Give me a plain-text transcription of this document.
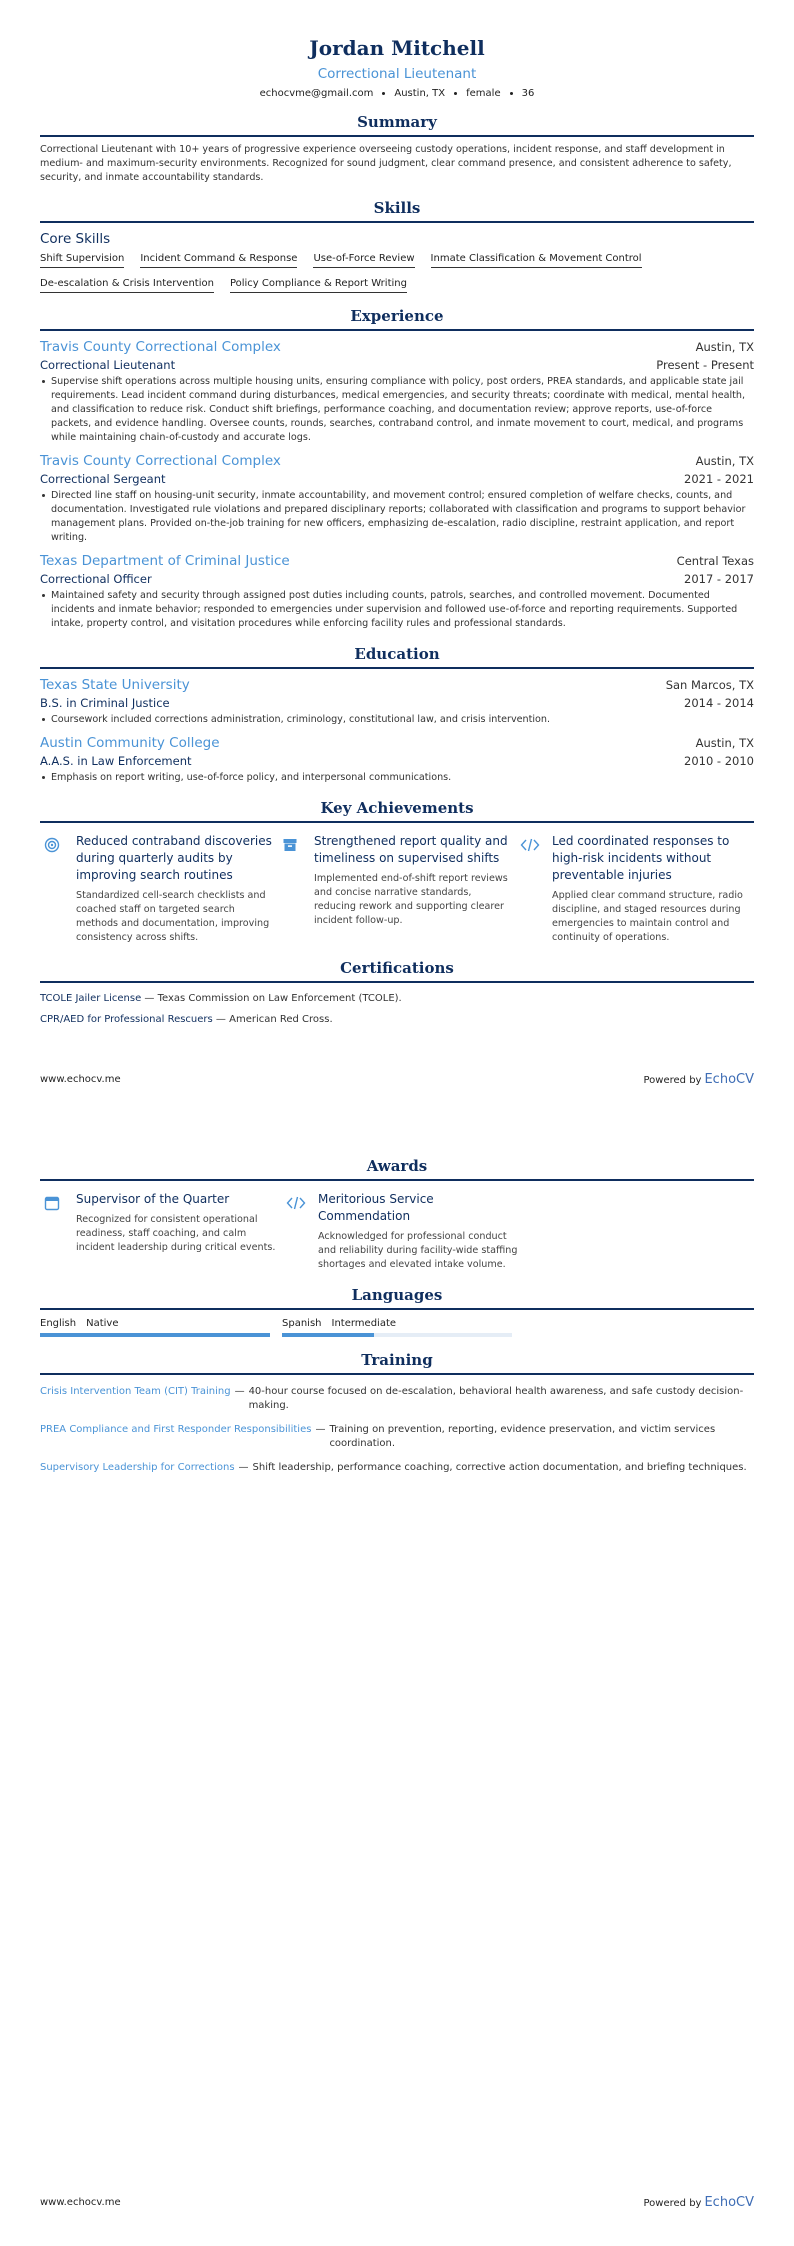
Jordan Mitchell
Correctional Lieutenant
echocvme@gmail.com Austin, TX female 36
Summary
Correctional Lieutenant with 10+ years of progressive experience overseeing custody operations, incident response, and staff development in medium- and maximum-security environments. Recognized for sound judgment, clear command presence, and consistent adherence to safety, security, and inmate accountability standards.
Skills
Core Skills
Shift Supervision Incident Command & Response Use-of-Force Review Inmate Classification & Movement Control
De-escalation & Crisis Intervention Policy Compliance & Report Writing
Experience
Travis County Correctional Complex	Austin, TX
Correctional Lieutenant	Present - Present
Supervise shift operations across multiple housing units, ensuring compliance with policy, post orders, PREA standards, and applicable state jail requirements. Lead incident command during disturbances, medical emergencies, and security threats; coordinate with medical, mental health, and classification to reduce risk. Conduct shift briefings, performance coaching, and documentation review; approve reports, use-of-force packets, and evidence handling. Oversee counts, rounds, searches, contraband control, and inmate movement to court, medical, and programs while maintaining chain-of-custody and accurate logs.
Travis County Correctional Complex	Austin, TX
Correctional Sergeant	2021 - 2021
Directed line staff on housing-unit security, inmate accountability, and movement control; ensured completion of welfare checks, counts, and documentation. Investigated rule violations and prepared disciplinary reports; collaborated with classification and programs to support behavior management plans. Provided on-the-job training for new officers, emphasizing de-escalation, radio discipline, restraint application, and report writing.
Texas Department of Criminal Justice	Central Texas
Correctional Officer	2017 - 2017
Maintained safety and security through assigned post duties including counts, patrols, searches, and controlled movement. Documented incidents and inmate behavior; responded to emergencies under supervision and followed use-of-force and reporting requirements. Supported intake, property control, and visitation procedures while enforcing facility rules and professional standards.
Education
Texas State University	San Marcos, TX
B.S. in Criminal Justice	2014 - 2014
Coursework included corrections administration, criminology, constitutional law, and crisis intervention.
Austin Community College	Austin, TX
A.A.S. in Law Enforcement	2010 - 2010
Emphasis on report writing, use-of-force policy, and interpersonal communications.
Key Achievements
Reduced contraband discoveries during quarterly audits by improving search routines
Standardized cell-search checklists and coached staff on targeted search methods and documentation, improving consistency across shifts.
Strengthened report quality and timeliness on supervised shifts
Implemented end-of-shift report reviews and concise narrative standards, reducing rework and supporting clearer incident follow-up.
Led coordinated responses to high-risk incidents without preventable injuries
Applied clear command structure, radio discipline, and staged resources during emergencies to maintain control and continuity of operations.
Certifications
TCOLE Jailer License — Texas Commission on Law Enforcement (TCOLE).
CPR/AED for Professional Rescuers — American Red Cross.
www.echocv.me	Powered by EchoCV
Awards
Supervisor of the Quarter
Recognized for consistent operational readiness, staff coaching, and calm incident leadership during critical events.
Meritorious Service Commendation
Acknowledged for professional conduct and reliability during facility-wide staffing shortages and elevated intake volume.
Languages
English Native	Spanish Intermediate
Training
Crisis Intervention Team (CIT) Training — 40-hour course focused on de-escalation, behavioral health awareness, and safe custody decision-making.
PREA Compliance and First Responder Responsibilities — Training on prevention, reporting, evidence preservation, and victim services coordination.
Supervisory Leadership for Corrections — Shift leadership, performance coaching, corrective action documentation, and briefing techniques.
www.echocv.me	Powered by EchoCV
